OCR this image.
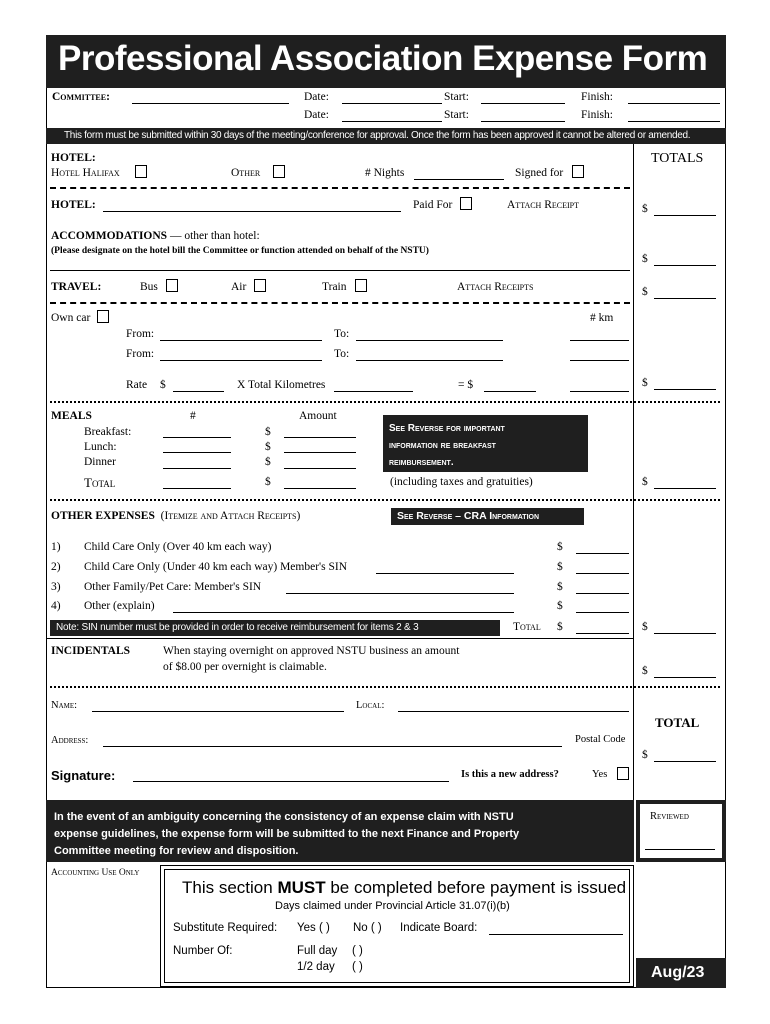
Professional Association Expense Form
Committee:	Date:	Start:	Finish:
Date:	Start:	Finish:
This form must be submitted within 30 days of the meeting/conference for approval. Once the form has been approved it cannot be altered or amended.
TOTALS
HOTEL:
Hotel Halifax	Other	# Nights	Signed for
HOTEL:	Paid For	Attach Receipt	$
ACCOMMODATIONS — other than hotel:
(Please designate on the hotel bill the Committee or function attended on behalf of the NSTU)
$
TRAVEL:	Bus	Air	Train	Attach Receipts	$
Own car	# km
From:	To:
From:	To:
Rate $	X Total Kilometres	= $	$
MEALS	#	Amount
Breakfast:	$
Lunch:	$
Dinner	$
Total	$
See Reverse for important
information re breakfast
reimbursement.
(including taxes and gratuities)	$
OTHER EXPENSES (Itemize and Attach Receipts)	See Reverse – CRA Information
1) Child Care Only (Over 40 km each way)	$
2) Child Care Only (Under 40 km each way) Member's SIN	$
3) Other Family/Pet Care: Member's SIN	$
4) Other (explain)	$
Note: SIN number must be provided in order to receive reimbursement for items 2 & 3	Total $	$
INCIDENTALS	When staying overnight on approved NSTU business an amount
of $8.00 per overnight is claimable.	$
Name:	Local:
Address:	Postal Code
Signature:	Is this a new address?	Yes
TOTAL
$
In the event of an ambiguity concerning the consistency of an expense claim with NSTU
expense guidelines, the expense form will be submitted to the next Finance and Property
Committee meeting for review and disposition.
Reviewed
Accounting Use Only
This section MUST be completed before payment is issued
Days claimed under Provincial Article 31.07(i)(b)
Substitute Required: Yes ( ) No ( ) Indicate Board:
Number Of:	Full day ( )
1/2 day ( )	Aug/23
